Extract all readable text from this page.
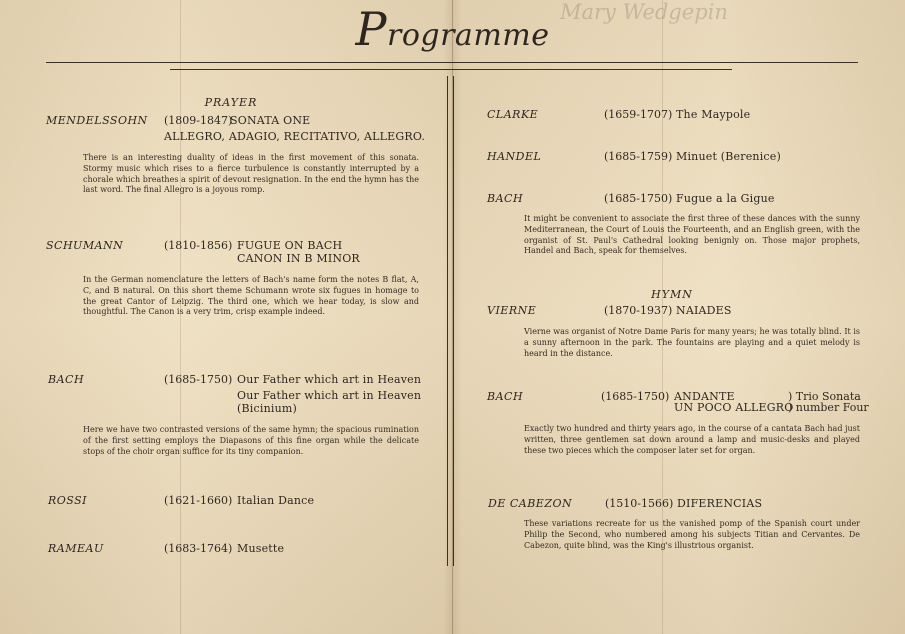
Programme
Mary Wedgepin
PRAYER
MENDELSSOHN (1809-1847)
SONATA ONE
ALLEGRO, ADAGIO, RECITATIVO, ALLEGRO.
There is an interesting duality of ideas in the first movement of this sonata. Stormy music which rises to a fierce turbulence is constantly interrupted by a chorale which breathes a spirit of devout resignation. In the end the hymn has the last word. The final Allegro is a joyous romp.
SCHUMANN	(1810-1856) FUGUE ON BACH
CANON IN B MINOR
In the German nomenclature the letters of Bach's name form the notes B flat, A, C, and B natural. On this short theme Schumann wrote six fugues in homage to the great Cantor of Leipzig. The third one, which we hear today, is slow and thoughtful. The Canon is a very trim, crisp example indeed.
BACH	(1685-1750) Our Father which art in Heaven
Our Father which art in Heaven
(Bicinium)
Here we have two contrasted versions of the same hymn; the spacious rumination of the first setting employs the Diapasons of this fine organ while the delicate stops of the choir organ suffice for its tiny companion.
ROSSI	(1621-1660) Italian Dance
RAMEAU	(1683-1764) Musette
CLARKE	(1659-1707) The Maypole
HANDEL	(1685-1759) Minuet (Berenice)
BACH	(1685-1750) Fugue a la Gigue
It might be convenient to associate the first three of these dances with the sunny Mediterranean, the Court of Louis the Fourteenth, and an English green, with the organist of St. Paul's Cathedral looking benignly on. Those major prophets, Handel and Bach, speak for themselves.
HYMN
VIERNE	(1870-1937) NAIADES
Vierne was organist of Notre Dame Paris for many years; he was totally blind. It is a sunny afternoon in the park. The fountains are playing and a quiet melody is heard in the distance.
BACH	(1685-1750) ANDANTE
UN POCO ALLEGRO
) Trio Sonata
) number Four
Exactly two hundred and thirty years ago, in the course of a cantata Bach had just written, three gentlemen sat down around a lamp and music-desks and played these two pieces which the composer later set for organ.
DE CABEZON	(1510-1566) DIFERENCIAS
These variations recreate for us the vanished pomp of the Spanish court under Philip the Second, who numbered among his subjects Titian and Cervantes. De Cabezon, quite blind, was the King's illustrious organist.
